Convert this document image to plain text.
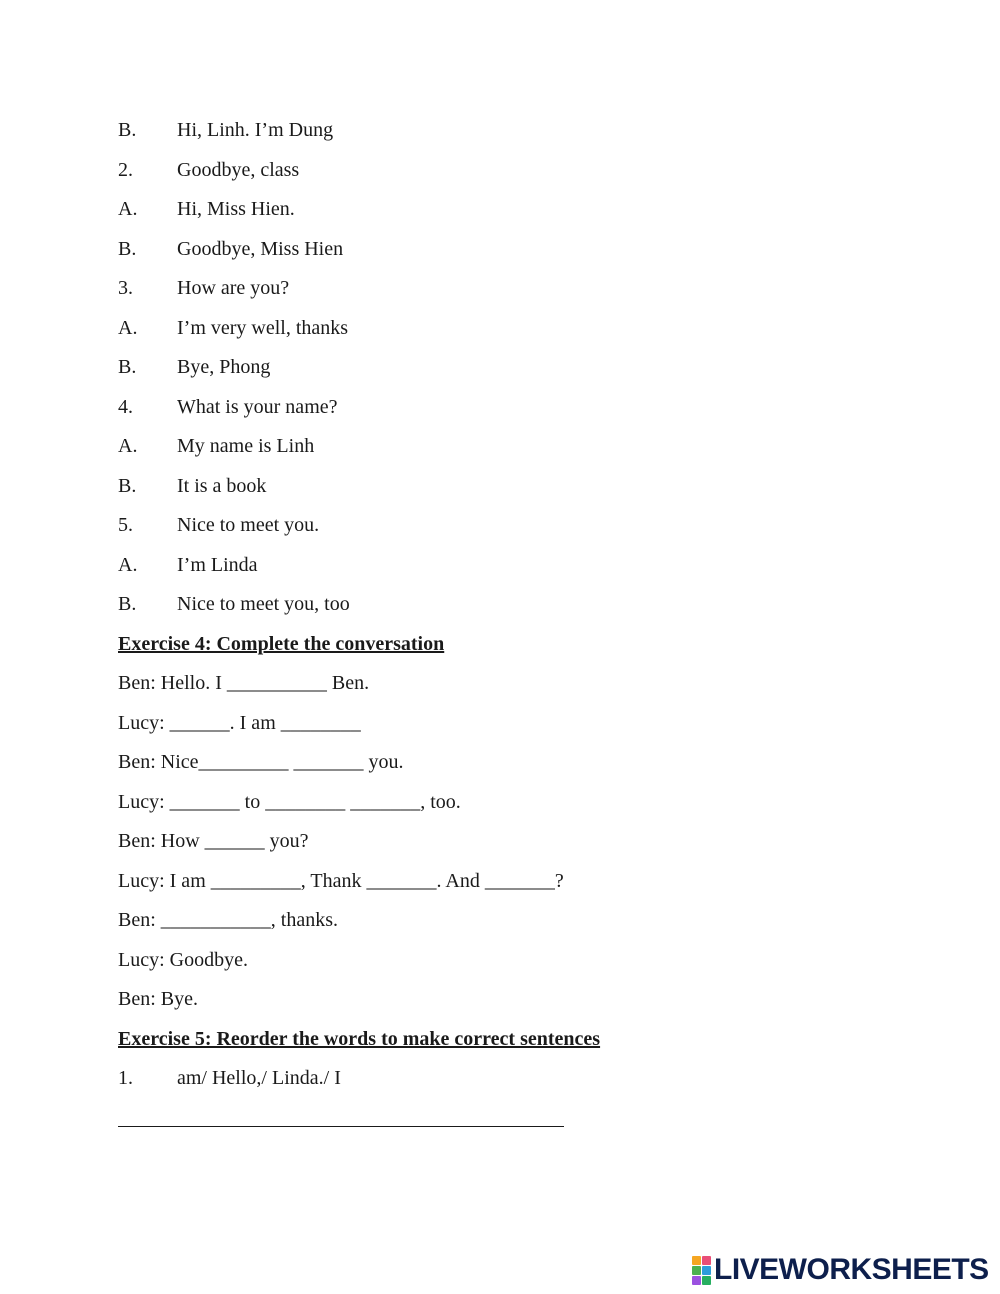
B. Hi, Linh. I’m Dung
2. Goodbye, class
A. Hi, Miss Hien.
B. Goodbye, Miss Hien
3. How are you?
A. I’m very well, thanks
B. Bye, Phong
4. What is your name?
A. My name is Linh
B. It is a book
5. Nice to meet you.
A. I’m Linda
B. Nice to meet you, too
Exercise 4: Complete the conversation
Ben: Hello. I __________ Ben.
Lucy: ______. I am ________
Ben: Nice_________ _______ you.
Lucy: _______ to ________ _______, too.
Ben: How ______ you?
Lucy: I am _________, Thank _______. And _______?
Ben: ___________, thanks.
Lucy: Goodbye.
Ben: Bye.
Exercise 5: Reorder the words to make correct sentences
1. am/ Hello,/ Linda./ I
LIVEWORKSHEETS
